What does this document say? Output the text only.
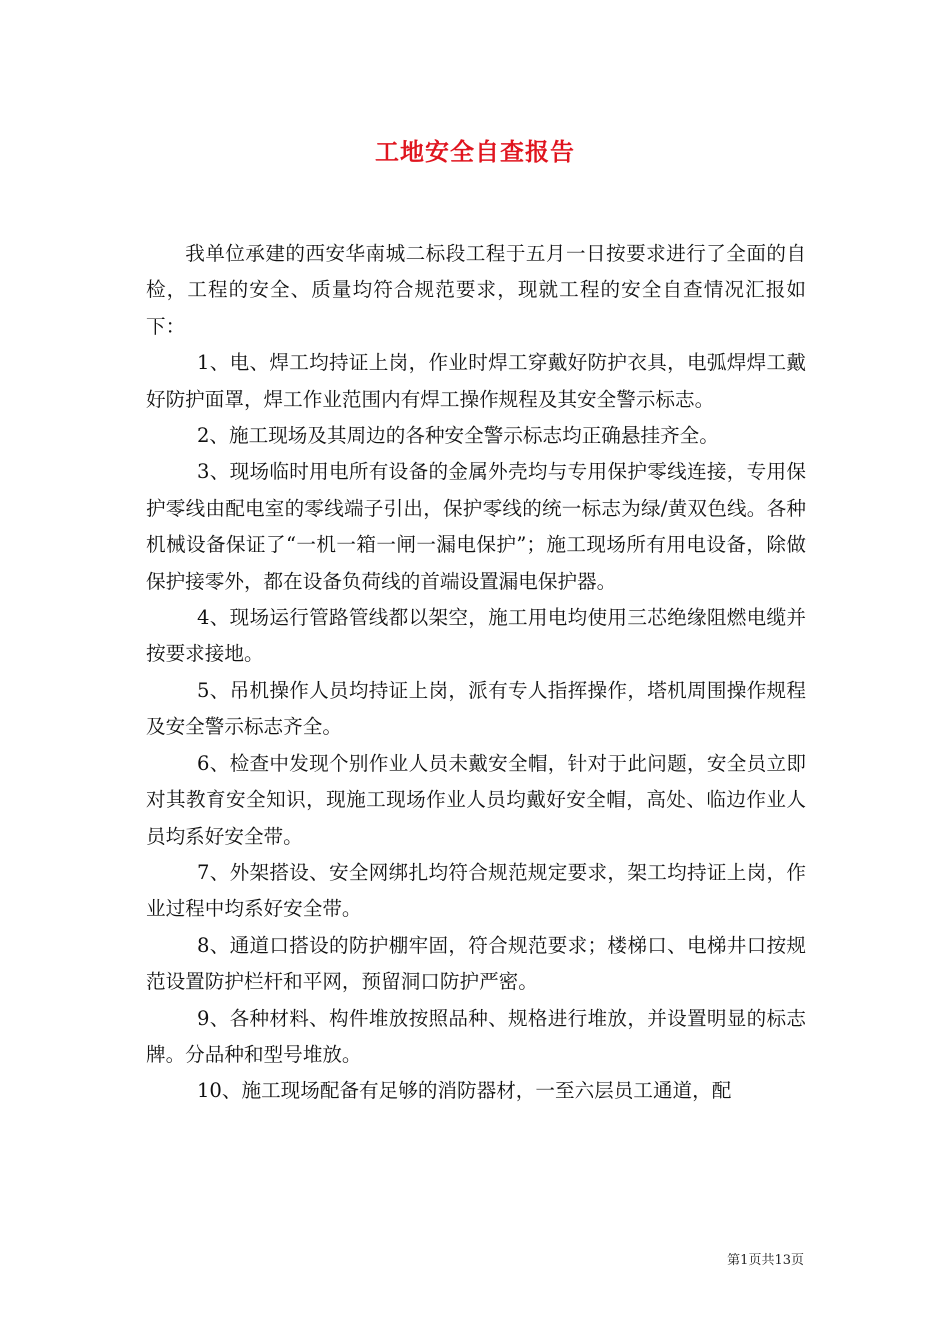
工地安全自查报告

我单位承建的西安华南城二标段工程于五月一日按要求进行了全面的自检，工程的安全、质量均符合规范要求，现就工程的安全自查情况汇报如下：

1、电、焊工均持证上岗，作业时焊工穿戴好防护衣具，电弧焊焊工戴好防护面罩，焊工作业范围内有焊工操作规程及其安全警示标志。

2、施工现场及其周边的各种安全警示标志均正确悬挂齐全。

3、现场临时用电所有设备的金属外壳均与专用保护零线连接，专用保护零线由配电室的零线端子引出，保护零线的统一标志为绿/黄双色线。各种机械设备保证了“一机一箱一闸一漏电保护”；施工现场所有用电设备，除做保护接零外，都在设备负荷线的首端设置漏电保护器。

4、现场运行管路管线都以架空，施工用电均使用三芯绝缘阻燃电缆并按要求接地。

5、吊机操作人员均持证上岗，派有专人指挥操作，塔机周围操作规程及安全警示标志齐全。

6、检查中发现个别作业人员未戴安全帽，针对于此问题，安全员立即对其教育安全知识，现施工现场作业人员均戴好安全帽，高处、临边作业人员均系好安全带。

7、外架搭设、安全网绑扎均符合规范规定要求，架工均持证上岗，作业过程中均系好安全带。

8、通道口搭设的防护棚牢固，符合规范要求；楼梯口、电梯井口按规范设置防护栏杆和平网，预留洞口防护严密。

9、各种材料、构件堆放按照品种、规格进行堆放，并设置明显的标志牌。分品种和型号堆放。

10、施工现场配备有足够的消防器材，一至六层员工通道，配

第1页共13页
